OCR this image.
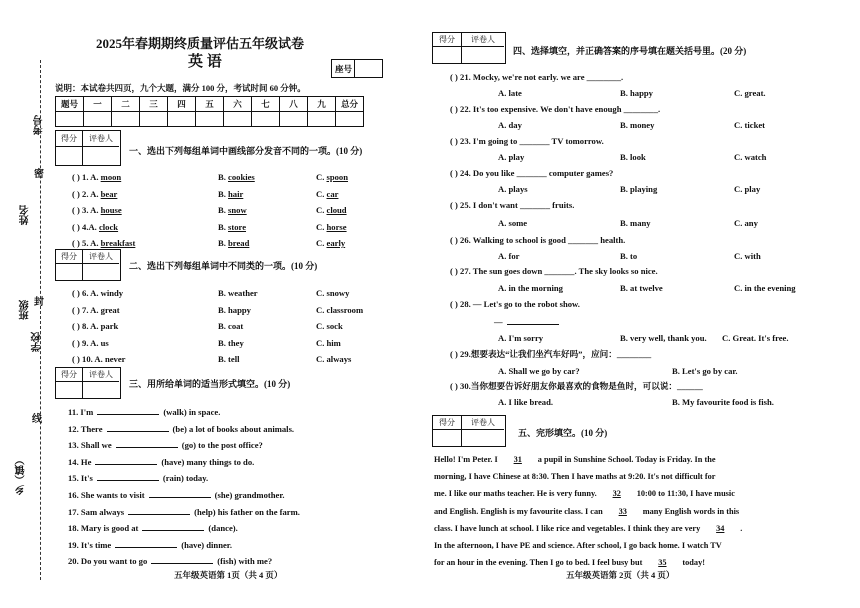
考号
密
姓名
封
班级
学校
线
乡（镇）
2025年春期期终质量评估五年级试卷
英 语	座号
说明：本试卷共四页，九个大题，满分 100 分，考试时间 60 分钟。
题号	一	二	三	四	五	六	七	八	九	总分

得分	评卷人
一、选出下列每组单词中画线部分发音不同的一项。(10 分)
( ) 1. A. moon	B. cookies	C. spoon
( ) 2. A. bear	B. hair	C. car
( ) 3. A. house	B. snow	C. cloud
( ) 4.A. clock	B. store	C. horse
( ) 5. A. breakfast	B. bread	C. early
得分	评卷人
二、选出下列每组单词中不同类的一项。(10 分)
( ) 6. A. windy	B. weather	C. snowy
( ) 7. A. great	B. happy	C. classroom
( ) 8. A. park	B. coat	C. sock
( ) 9. A. us	B. they	C. him
( ) 10. A. never	B. tell	C. always
得分	评卷人
三、用所给单词的适当形式填空。(10 分)
11. I'm	(walk) in space.
12. There	(be) a lot of books about animals.
13. Shall we	(go) to the post office?
14. He	(have) many things to do.
15. It's	(rain) today.
16. She wants to visit	(she) grandmother.
17. Sam always	(help) his father on the farm.
18. Mary is good at	(dance).
19. It's time	(have) dinner.
20. Do you want to go	(fish) with me?
五年级英语第 1页（共 4 页）
得分	评卷人
四、选择填空，并正确答案的序号填在题关括号里。(20 分)
( ) 21. Mocky, we're not early. we are ________.
A. late	B. happy	C. great.
( ) 22. It's too expensive. We don't have enough ________.
A. day	B. money	C. ticket
( ) 23. I'm going to _______ TV tomorrow.
A. play	B. look	C. watch
( ) 24. Do you like _______ computer games?
A. plays	B. playing	C. play
( ) 25. I don't want _______ fruits.
A. some	B. many	C. any
( ) 26. Walking to school is good _______ health.
A. for	B. to	C. with
( ) 27. The sun goes down _______. The sky looks so nice.
A. in the morning	B. at twelve	C. in the evening
( ) 28. — Let's go to the robot show.
—
A. I'm sorry	B. very well, thank you. C. Great. It's free.
( ) 29.想要表达“让我们坐汽车好吗”，应问：________
A. Shall we go by car?	B. Let's go by car.
( ) 30.当你想要告诉好朋友你最喜欢的食物是鱼时，可以说：______
A. I like bread.	B. My favourite food is fish.
得分	评卷人
五、完形填空。(10 分)
Hello! I'm Peter. I 31 a pupil in Sunshine School. Today is Friday. In the
morning, I have Chinese at 8:30. Then I have maths at 9:20. It's not difficult for
me. I like our maths teacher. He is very funny. 32 10:00 to 11:30, I have music
and English. English is my favourite class. I can 33 many English words in this
class. I have lunch at school. I like rice and vegetables. I think they are very 34 .
In the afternoon, I have PE and science. After school, I go back home. I watch TV
for an hour in the evening. Then I go to bed. I feel busy but 35 today!
五年级英语第 2页（共 4 页）
